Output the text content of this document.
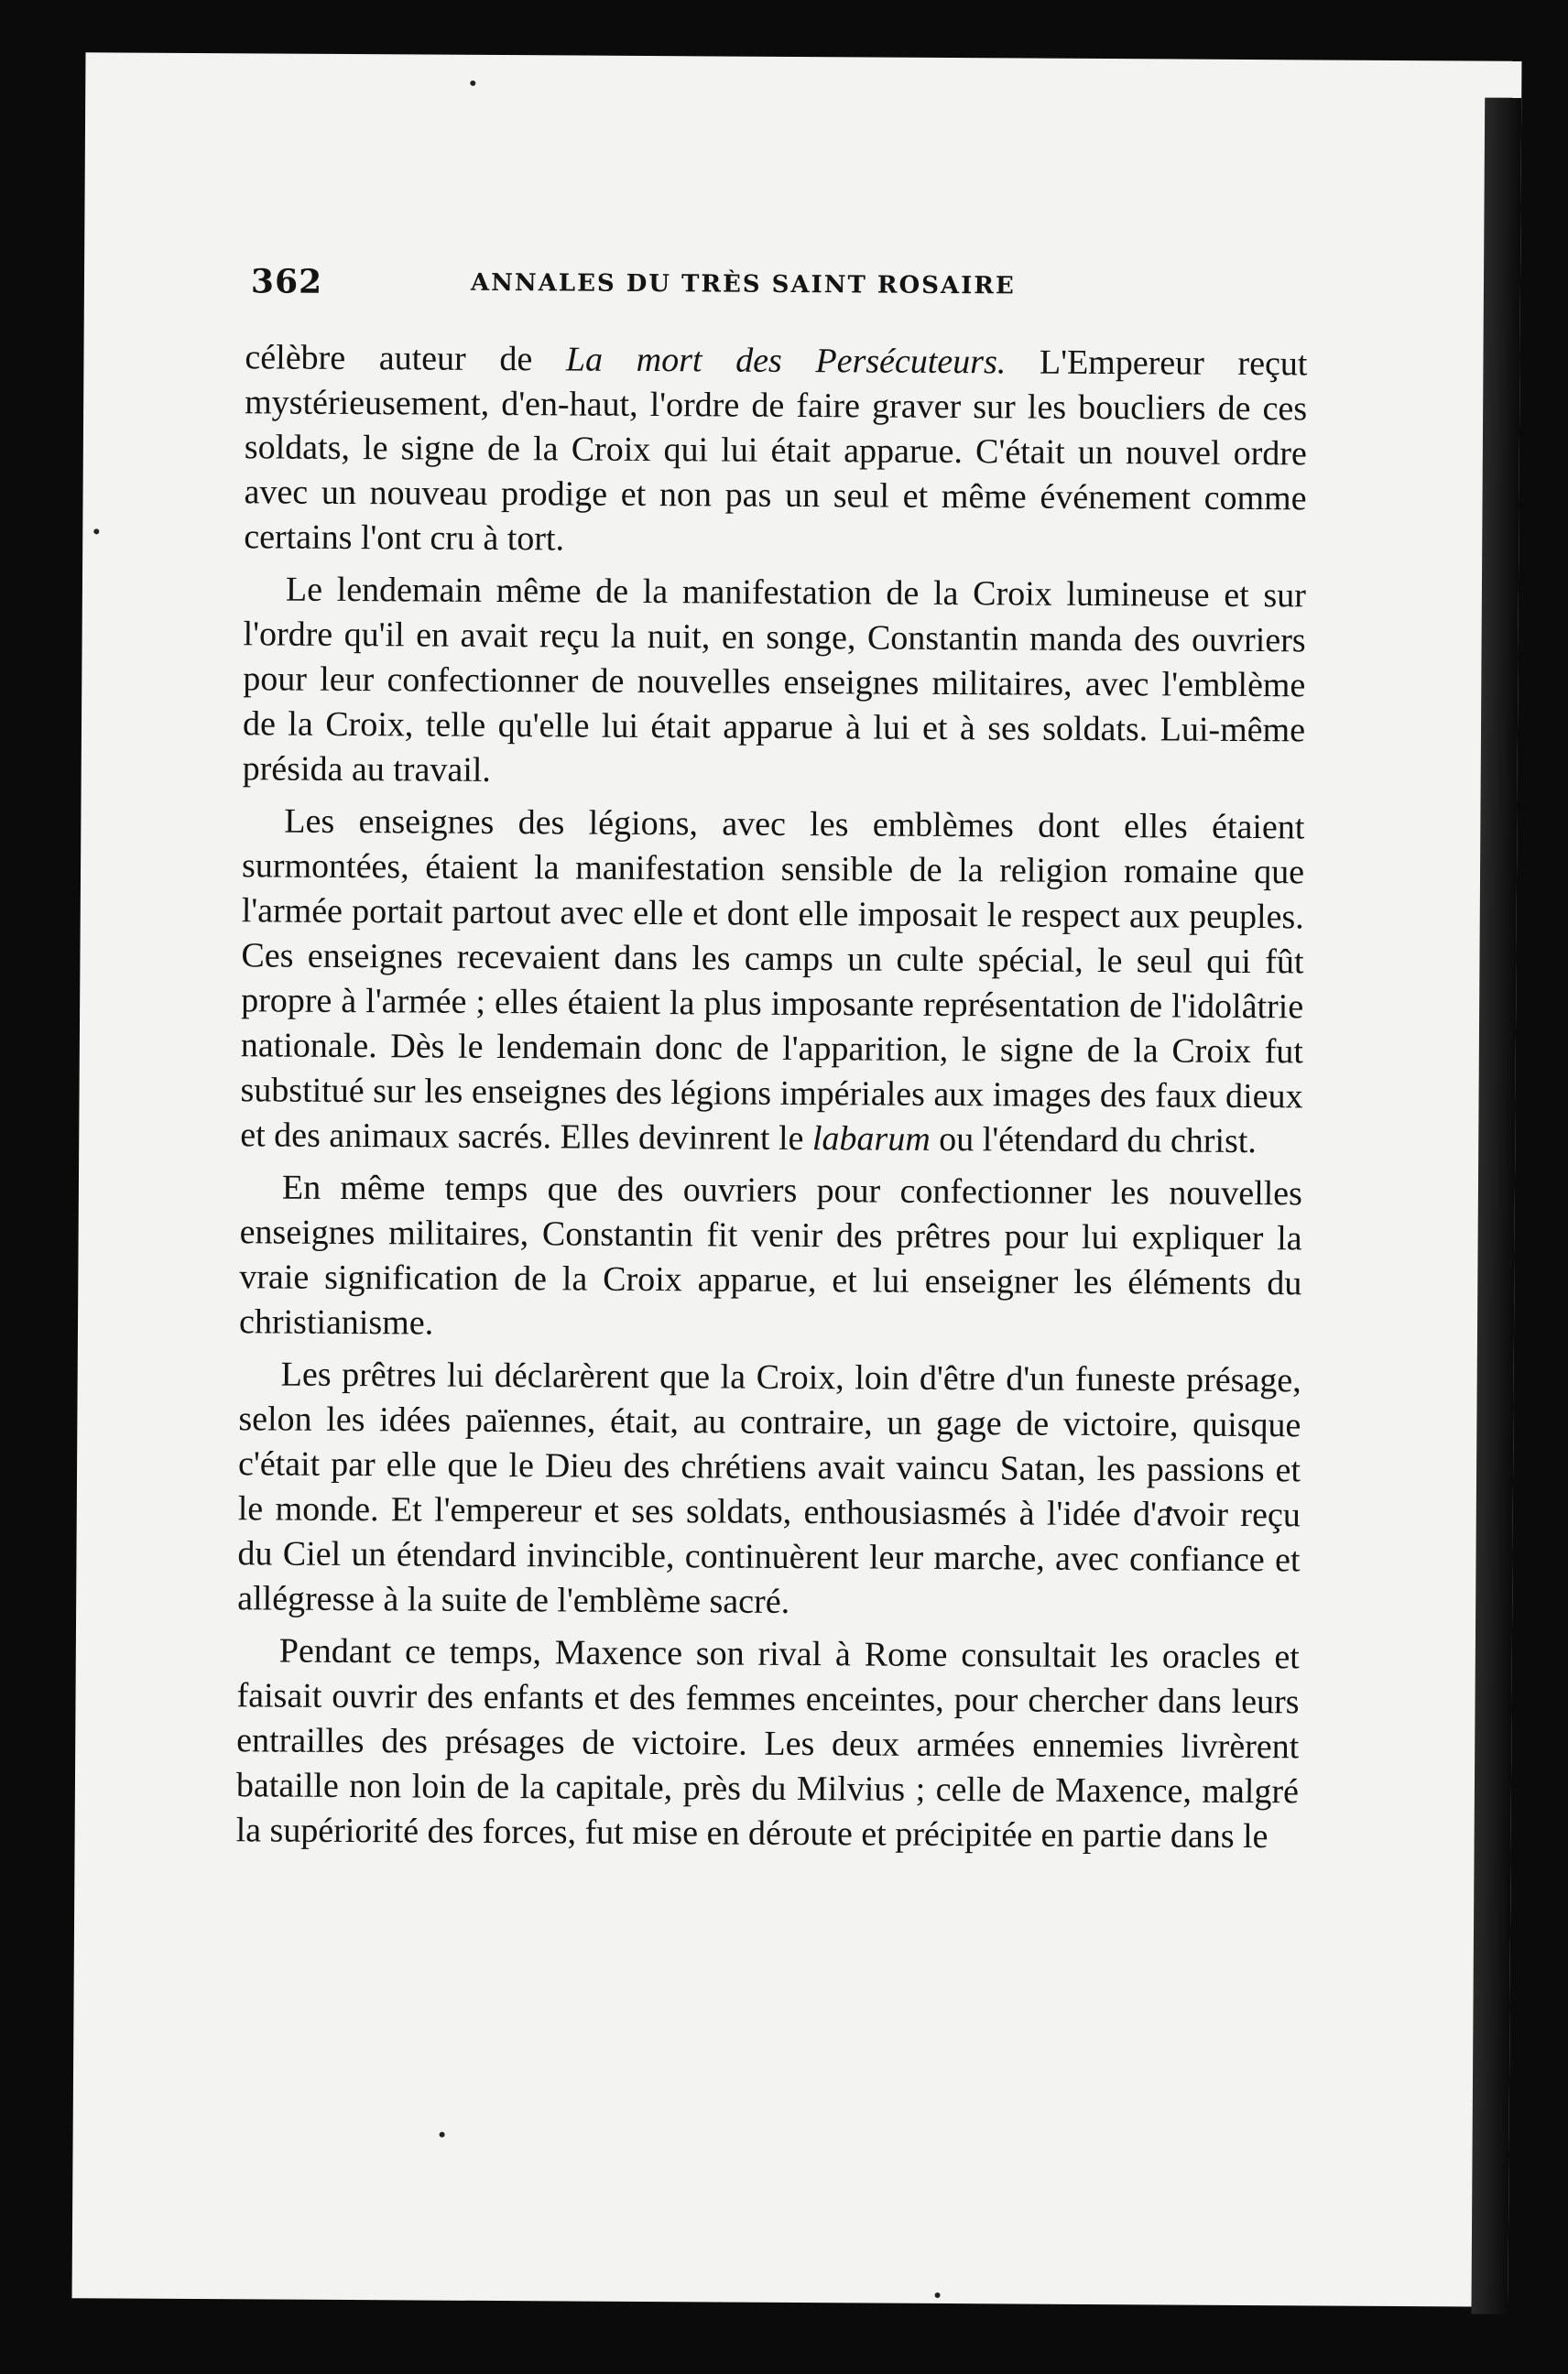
362	ANNALES DU TRÈS SAINT ROSAIRE

célèbre auteur de La mort des Persécuteurs. L'Empereur reçut mystérieusement, d'en-haut, l'ordre de faire graver sur les boucliers de ces soldats, le signe de la Croix qui lui était apparue. C'était un nouvel ordre avec un nouveau prodige et non pas un seul et même événement comme certains l'ont cru à tort.

Le lendemain même de la manifestation de la Croix lumineuse et sur l'ordre qu'il en avait reçu la nuit, en songe, Constantin manda des ouvriers pour leur confectionner de nouvelles enseignes militaires, avec l'emblème de la Croix, telle qu'elle lui était apparue à lui et à ses soldats. Lui-même présida au travail.

Les enseignes des légions, avec les emblèmes dont elles étaient surmontées, étaient la manifestation sensible de la religion romaine que l'armée portait partout avec elle et dont elle imposait le respect aux peuples. Ces enseignes recevaient dans les camps un culte spécial, le seul qui fût propre à l'armée ; elles étaient la plus imposante représentation de l'idolâtrie nationale. Dès le lendemain donc de l'apparition, le signe de la Croix fut substitué sur les enseignes des légions impériales aux images des faux dieux et des animaux sacrés. Elles devinrent le labarum ou l'étendard du christ.

En même temps que des ouvriers pour confectionner les nouvelles enseignes militaires, Constantin fit venir des prêtres pour lui expliquer la vraie signification de la Croix apparue, et lui enseigner les éléments du christianisme.

Les prêtres lui déclarèrent que la Croix, loin d'être d'un funeste présage, selon les idées païennes, était, au contraire, un gage de victoire, quisque c'était par elle que le Dieu des chrétiens avait vaincu Satan, les passions et le monde. Et l'empereur et ses soldats, enthousiasmés à l'idée d'avoir reçu du Ciel un étendard invincible, continuèrent leur marche, avec confiance et allégresse à la suite de l'emblème sacré.

Pendant ce temps, Maxence son rival à Rome consultait les oracles et faisait ouvrir des enfants et des femmes enceintes, pour chercher dans leurs entrailles des présages de victoire. Les deux armées ennemies livrèrent bataille non loin de la capitale, près du Milvius ; celle de Maxence, malgré la supériorité des forces, fut mise en déroute et précipitée en partie dans le
